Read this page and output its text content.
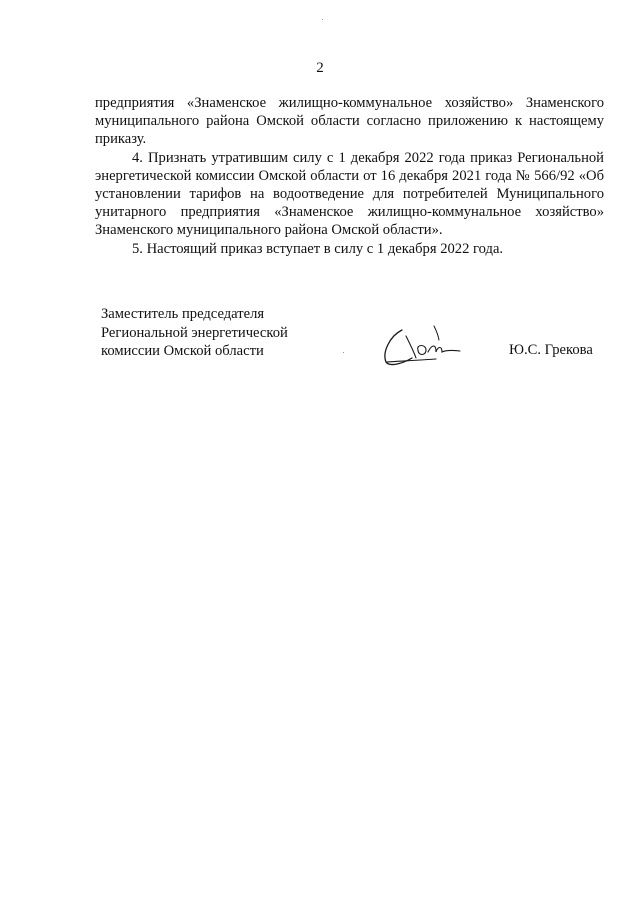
2

предприятия «Знаменское жилищно-коммунальное хозяйство» Знаменского муниципального района Омской области согласно приложению к настоящему приказу.

4. Признать утратившим силу с 1 декабря 2022 года приказ Региональной энергетической комиссии Омской области от 16 декабря 2021 года № 566/92 «Об установлении тарифов на водоотведение для потребителей Муниципального унитарного предприятия «Знаменское жилищно-коммунальное хозяйство» Знаменского муниципального района Омской области».

5. Настоящий приказ вступает в силу с 1 декабря 2022 года.

Заместитель председателя
Региональной энергетической
комиссии Омской области	Ю.С. Грекова
